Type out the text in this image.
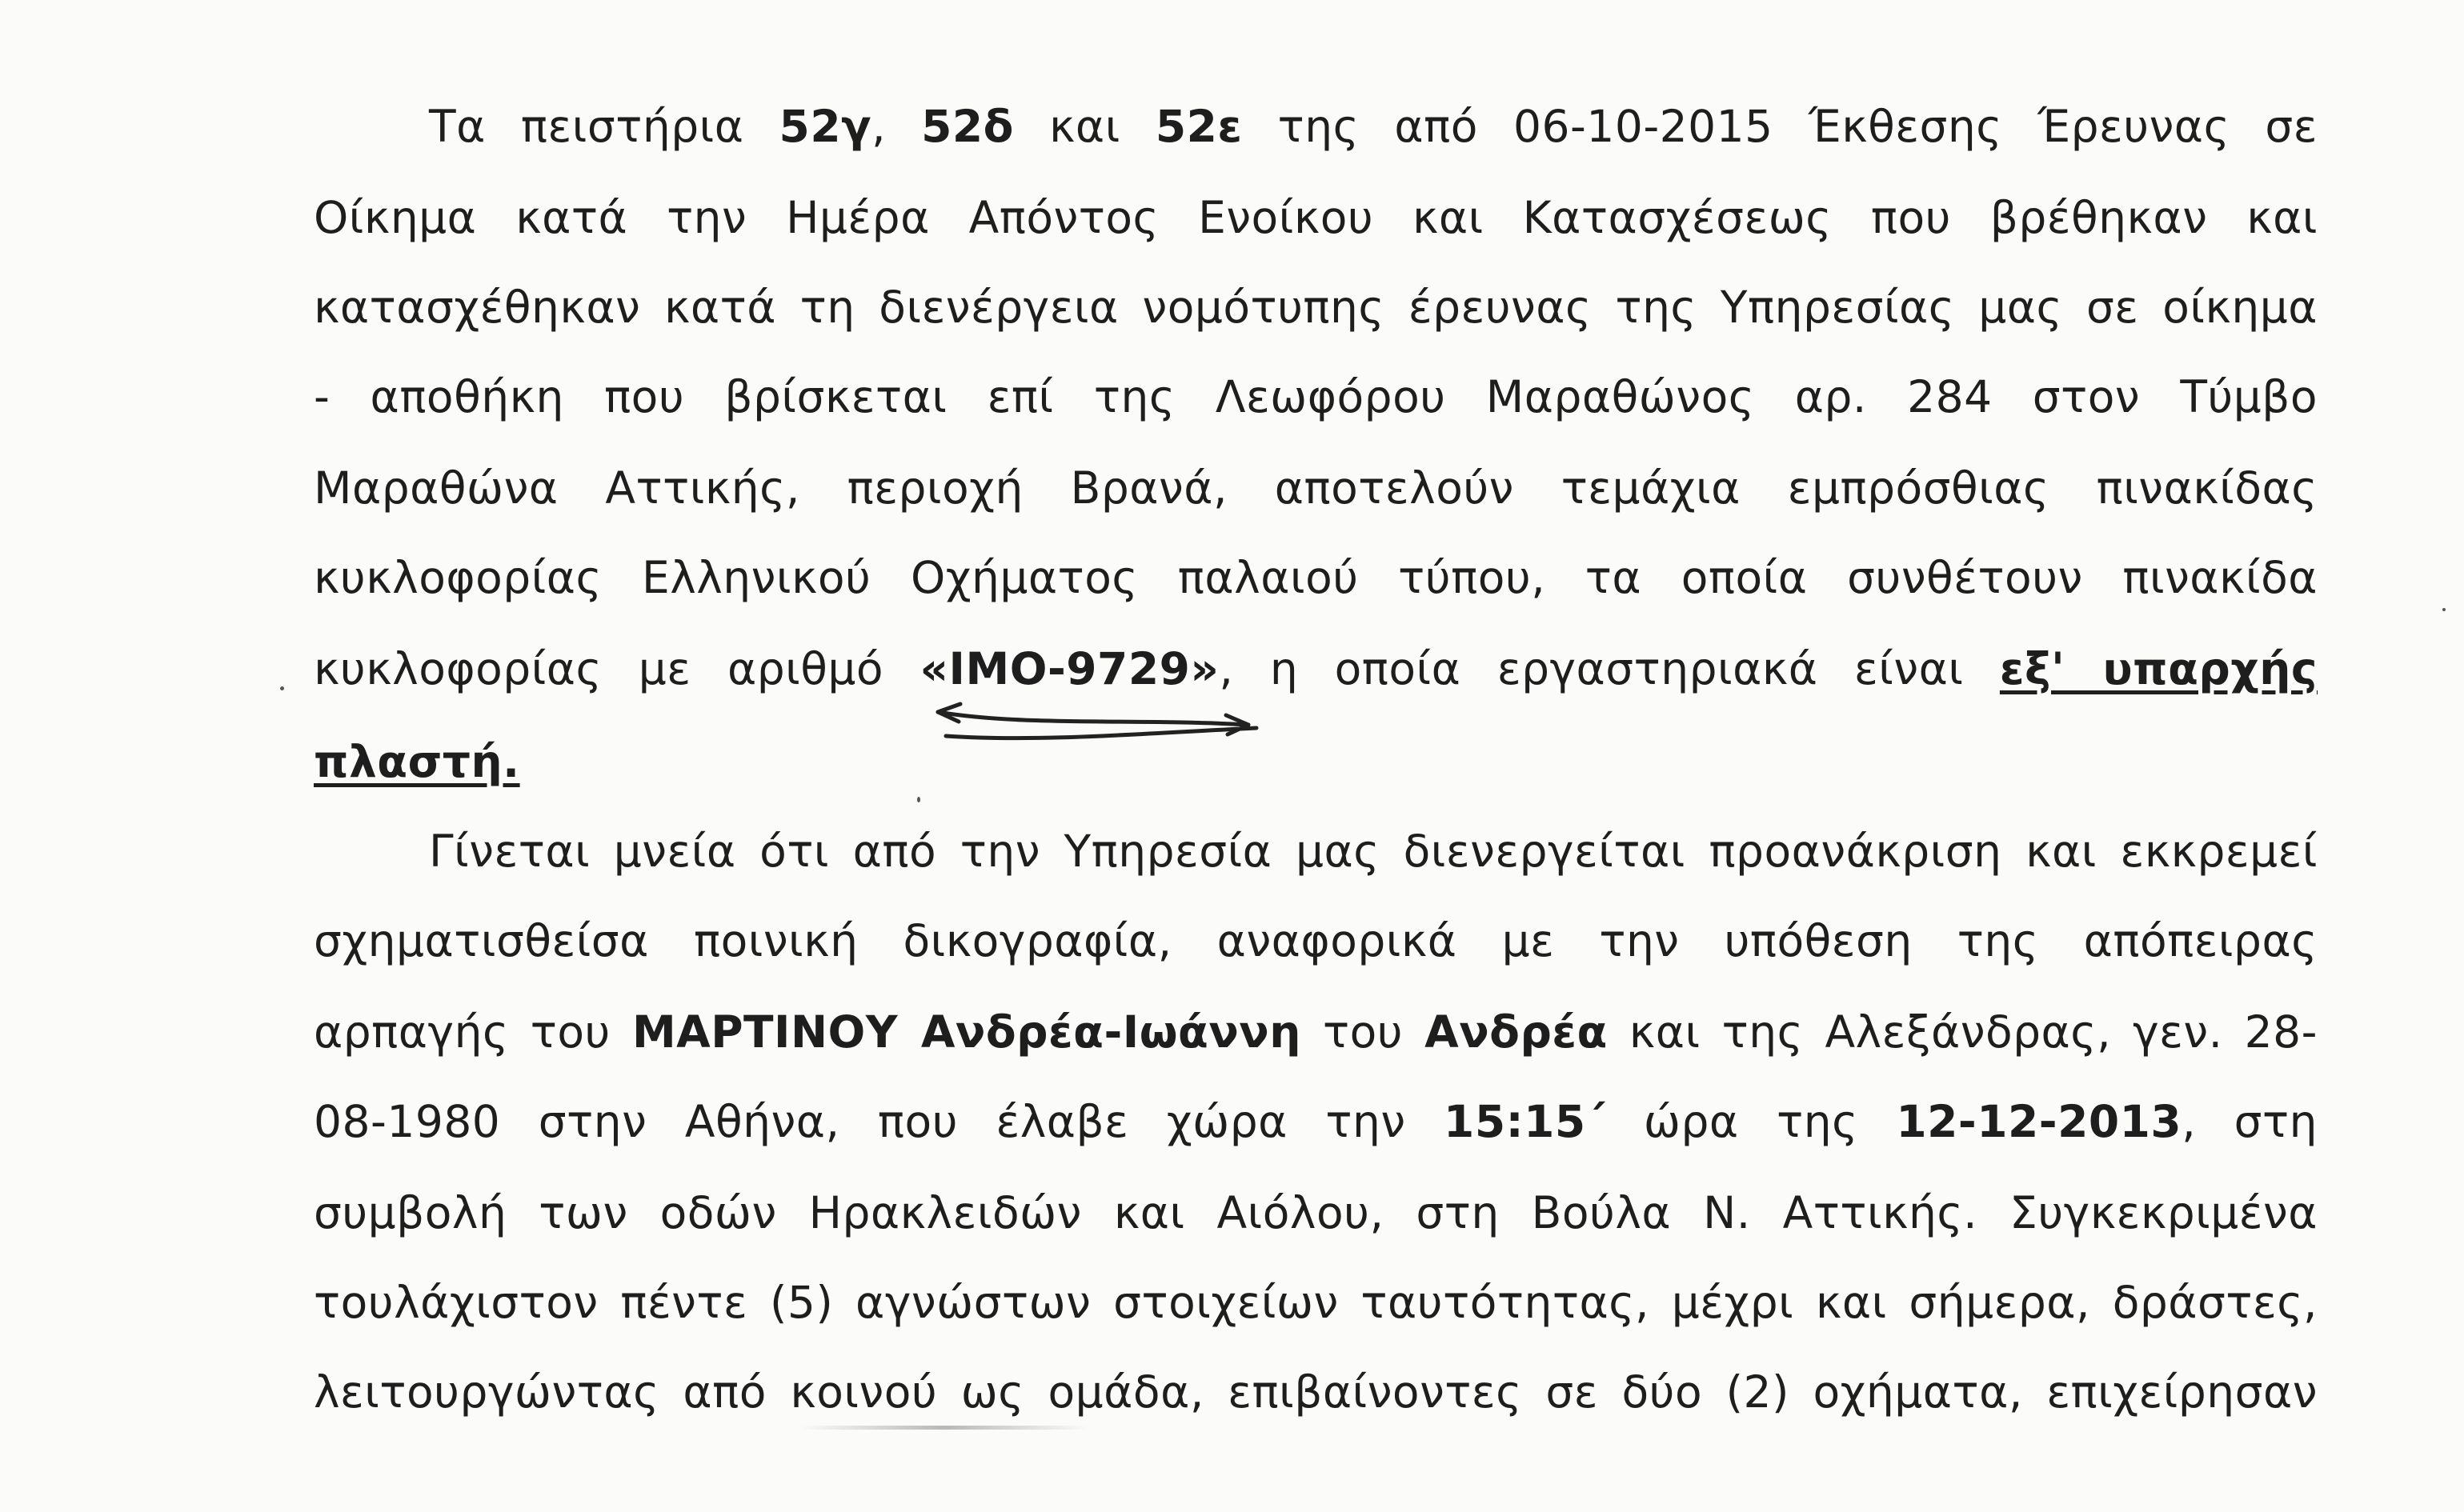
Τα πειστήρια 52γ, 52δ και 52ε της από 06-10-2015 Έκθεσης Έρευνας σε
Οίκημα κατά την Ημέρα Απόντος Ενοίκου και Κατασχέσεως που βρέθηκαν και
κατασχέθηκαν κατά τη διενέργεια νομότυπης έρευνας της Υπηρεσίας μας σε οίκημα
- αποθήκη που βρίσκεται επί της Λεωφόρου Μαραθώνος αρ. 284 στον Τύμβο
Μαραθώνα Αττικής, περιοχή Βρανά, αποτελούν τεμάχια εμπρόσθιας πινακίδας
κυκλοφορίας Ελληνικού Οχήματος παλαιού τύπου, τα οποία συνθέτουν πινακίδα
κυκλοφορίας με αριθμό «ΙΜΟ-9729», η οποία εργαστηριακά είναι εξ' υπαρχής
πλαστή.
Γίνεται μνεία ότι από την Υπηρεσία μας διενεργείται προανάκριση και εκκρεμεί
σχηματισθείσα ποινική δικογραφία, αναφορικά με την υπόθεση της απόπειρας
αρπαγής του ΜΑΡΤΙΝΟΥ Ανδρέα-Ιωάννη του Ανδρέα και της Αλεξάνδρας, γεν. 28-
08-1980 στην Αθήνα, που έλαβε χώρα την 15:15΄ ώρα της 12-12-2013, στη
συμβολή των οδών Ηρακλειδών και Αιόλου, στη Βούλα Ν. Αττικής. Συγκεκριμένα
τουλάχιστον πέντε (5) αγνώστων στοιχείων ταυτότητας, μέχρι και σήμερα, δράστες,
λειτουργώντας από κοινού ως ομάδα, επιβαίνοντες σε δύο (2) οχήματα, επιχείρησαν
